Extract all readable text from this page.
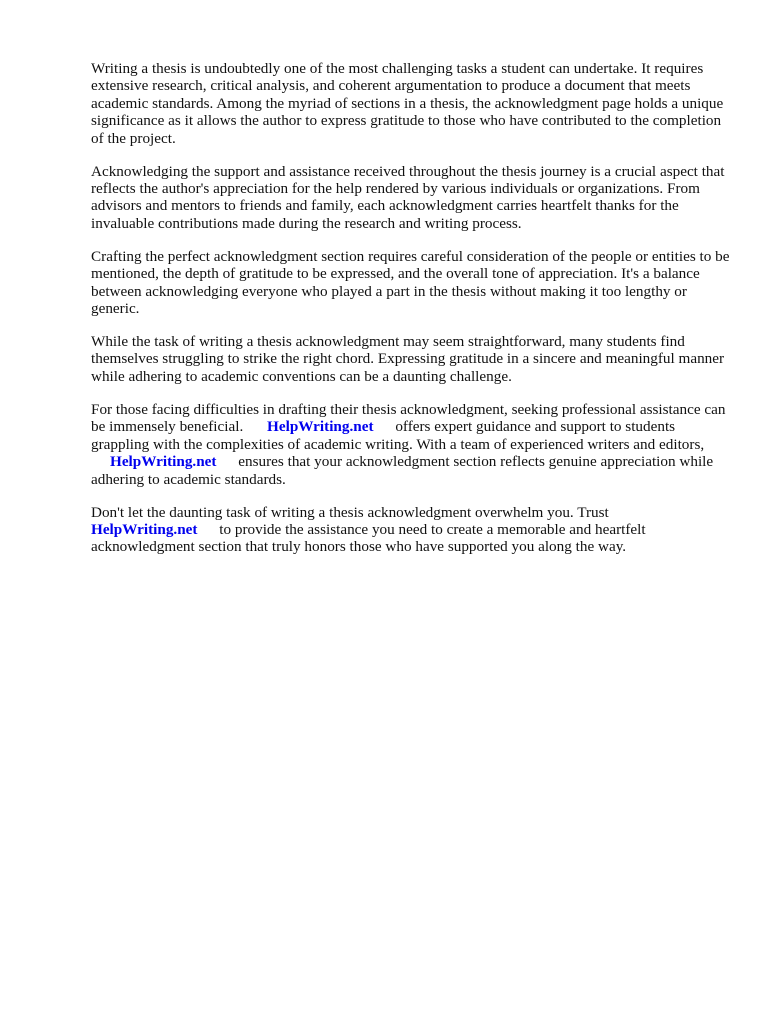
Writing a thesis is undoubtedly one of the most challenging tasks a student can undertake. It requires extensive research, critical analysis, and coherent argumentation to produce a document that meets academic standards. Among the myriad of sections in a thesis, the acknowledgment page holds a unique significance as it allows the author to express gratitude to those who have contributed to the completion of the project.

Acknowledging the support and assistance received throughout the thesis journey is a crucial aspect that reflects the author's appreciation for the help rendered by various individuals or organizations. From advisors and mentors to friends and family, each acknowledgment carries heartfelt thanks for the invaluable contributions made during the research and writing process.

Crafting the perfect acknowledgment section requires careful consideration of the people or entities to be mentioned, the depth of gratitude to be expressed, and the overall tone of appreciation. It's a balance between acknowledging everyone who played a part in the thesis without making it too lengthy or generic.

While the task of writing a thesis acknowledgment may seem straightforward, many students find themselves struggling to strike the right chord. Expressing gratitude in a sincere and meaningful manner while adhering to academic conventions can be a daunting challenge.

For those facing difficulties in drafting their thesis acknowledgment, seeking professional assistance can be immensely beneficial. HelpWriting.net offers expert guidance and support to students grappling with the complexities of academic writing. With a team of experienced writers and editors,
HelpWriting.net ensures that your acknowledgment section reflects genuine appreciation while adhering to academic standards.

Don't let the daunting task of writing a thesis acknowledgment overwhelm you. Trust
HelpWriting.net to provide the assistance you need to create a memorable and heartfelt acknowledgment section that truly honors those who have supported you along the way.
